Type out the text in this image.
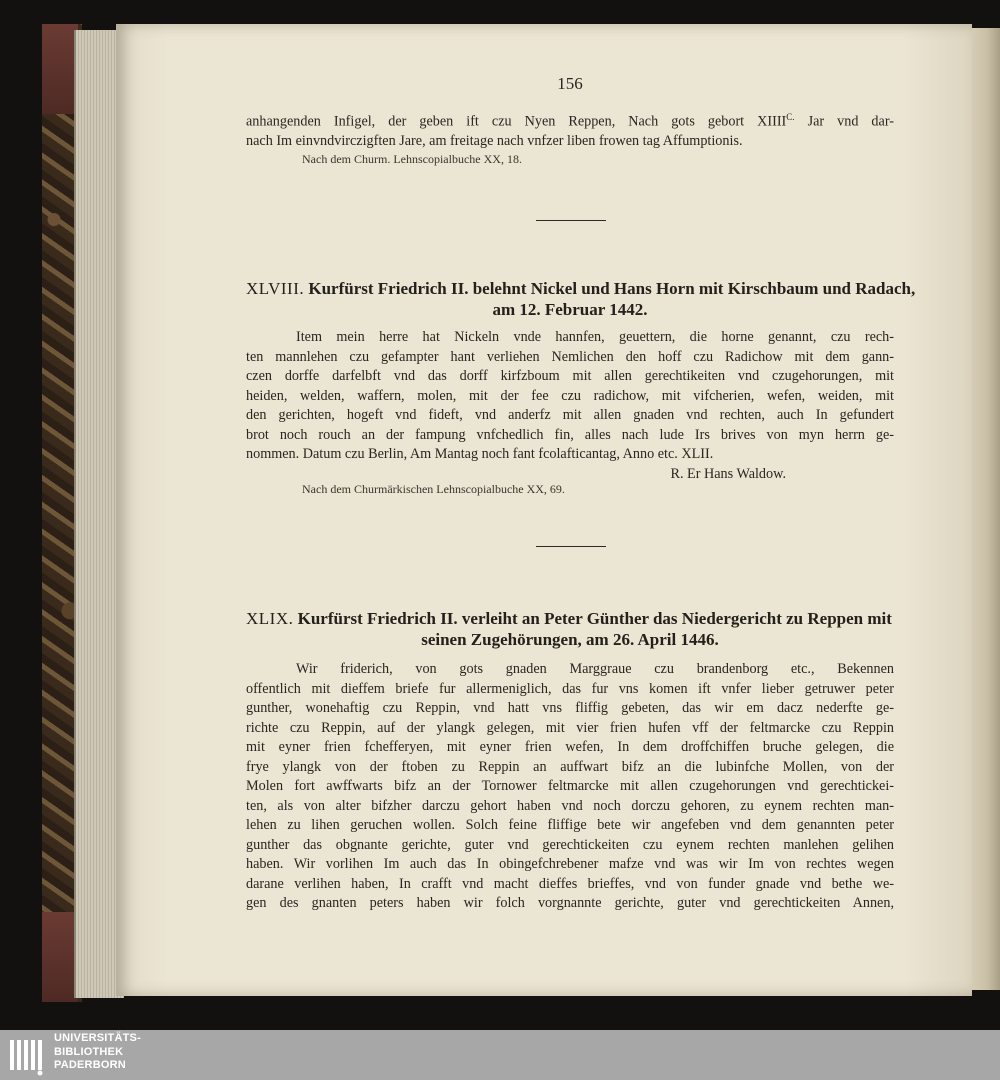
156

anhangenden Infigel, der geben ift czu Nyen Reppen, Nach gots gebort $XIIII^{C.}$ Jar vnd dar-
nach Im einvndvirczigften Jare, am freitage nach vnfzer liben frowen tag Affumptionis.

Nach dem Churm. Lehnscopialbuche XX, 18.

XLVIII. Kurfürst Friedrich II. belehnt Nickel und Hans Horn mit Kirschbaum und Radach,
am 12. Februar 1442.

Item mein herre hat Nickeln vnde hannfen, geuettern, die horne genannt, czu rech-
ten mannlehen czu gefampter hant verliehen Nemlichen den hoff czu Radichow mit dem gann-
czen dorffe darfelbft vnd das dorff kirfzboum mit allen gerechtikeiten vnd czugehorungen, mit
heiden, welden, waffern, molen, mit der fee czu radichow, mit vifcherien, wefen, weiden, mit
den gerichten, hogeft vnd fideft, vnd anderfz mit allen gnaden vnd rechten, auch In gefundert
brot noch rouch an der fampung vnfchedlich fin, alles nach lude Irs brives von myn herrn ge-
nommen. Datum czu Berlin, Am Mantag noch fant fcolafticantag, Anno etc. XLII.
R. Er Hans Waldow.

Nach dem Churmärkischen Lehnscopialbuche XX, 69.

XLIX. Kurfürst Friedrich II. verleiht an Peter Günther das Niedergericht zu Reppen mit
seinen Zugehörungen, am 26. April 1446.

Wir friderich, von gots gnaden Marggraue czu brandenborg etc., Bekennen
offentlich mit dieffem briefe fur allermeniglich, das fur vns komen ift vnfer lieber getruwer peter
gunther, wonehaftig czu Reppin, vnd hatt vns fliffig gebeten, das wir em dacz nederfte ge-
richte czu Reppin, auf der ylangk gelegen, mit vier frien hufen vff der feltmarcke czu Reppin
mit eyner frien fchefferyen, mit eyner frien wefen, In dem droffchiffen bruche gelegen, die
frye ylangk von der ftoben zu Reppin an auffwart bifz an die lubinfche Mollen, von der
Molen fort awffwarts bifz an der Tornower feltmarcke mit allen czugehorungen vnd gerechtickei-
ten, als von alter bifzher darczu gehort haben vnd noch dorczu gehoren, zu eynem rechten man-
lehen zu lihen geruchen wollen. Solch feine fliffige bete wir angefeben vnd dem genannten peter
gunther das obgnante gerichte, guter vnd gerechtickeiten czu eynem rechten manlehen gelihen
haben. Wir vorlihen Im auch das In obingefchrebener mafze vnd was wir Im von rechtes wegen
darane verlihen haben, In crafft vnd macht dieffes brieffes, vnd von funder gnade vnd bethe we-
gen des gnanten peters haben wir folch vorgnannte gerichte, guter vnd gerechtickeiten Annen,

UNIVERSITÄTS-
BIBLIOTHEK
PADERBORN
